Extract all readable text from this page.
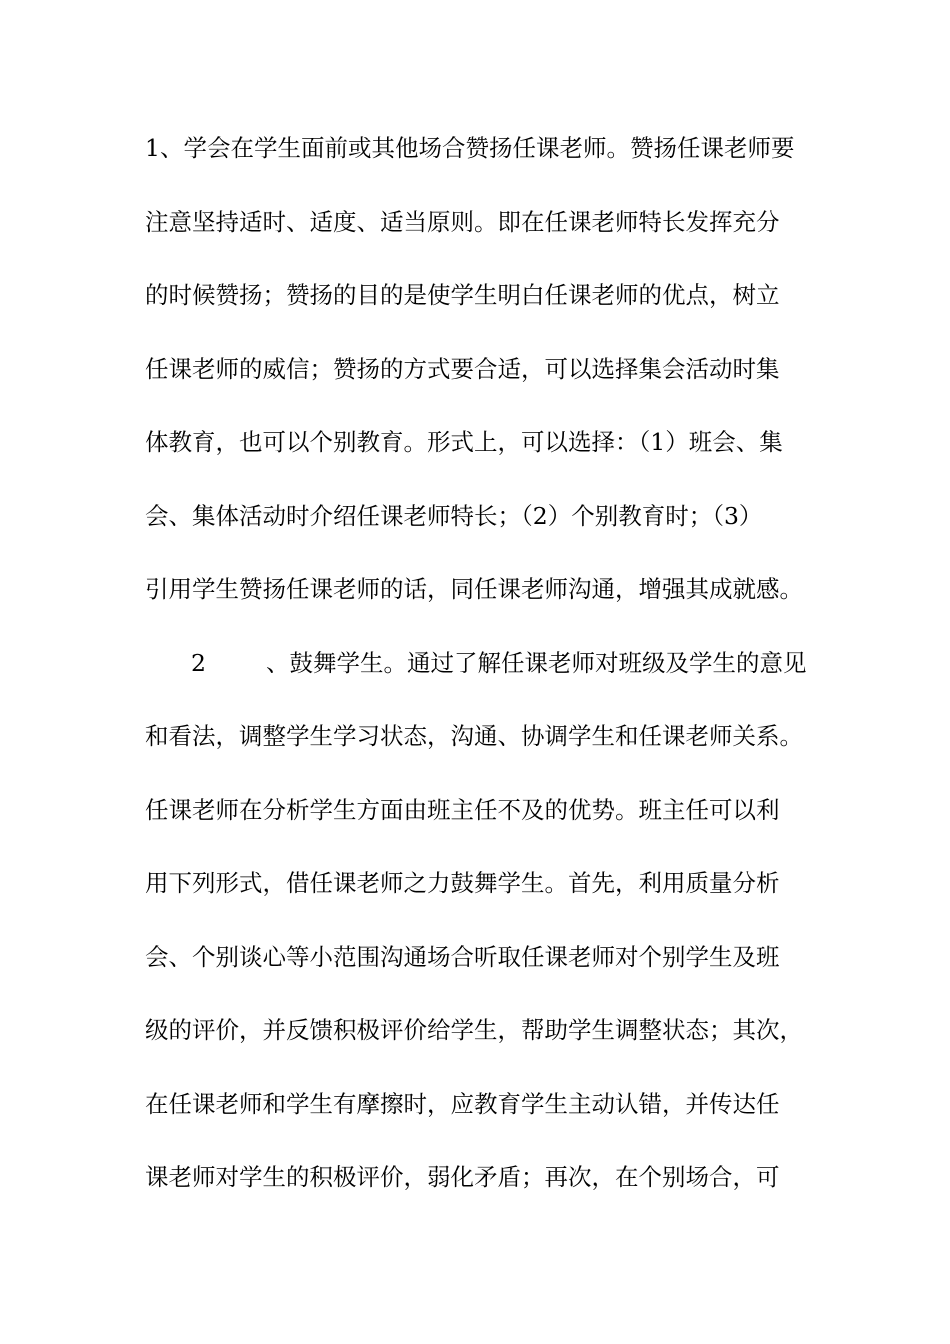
1、学会在学生面前或其他场合赞扬任课老师。赞扬任课老师要
注意坚持适时、适度、适当原则。即在任课老师特长发挥充分
的时候赞扬；赞扬的目的是使学生明白任课老师的优点，树立
任课老师的威信；赞扬的方式要合适，可以选择集会活动时集
体教育，也可以个别教育。形式上，可以选择：（1）班会、集
会、集体活动时介绍任课老师特长；（2）个别教育时；（3）
引用学生赞扬任课老师的话，同任课老师沟通，增强其成就感。
2	、鼓舞学生。通过了解任课老师对班级及学生的意见
和看法，调整学生学习状态，沟通、协调学生和任课老师关系。
任课老师在分析学生方面由班主任不及的优势。班主任可以利
用下列形式，借任课老师之力鼓舞学生。首先，利用质量分析
会、个别谈心等小范围沟通场合听取任课老师对个别学生及班
级的评价，并反馈积极评价给学生，帮助学生调整状态；其次，
在任课老师和学生有摩擦时，应教育学生主动认错，并传达任
课老师对学生的积极评价，弱化矛盾；再次，在个别场合，可
